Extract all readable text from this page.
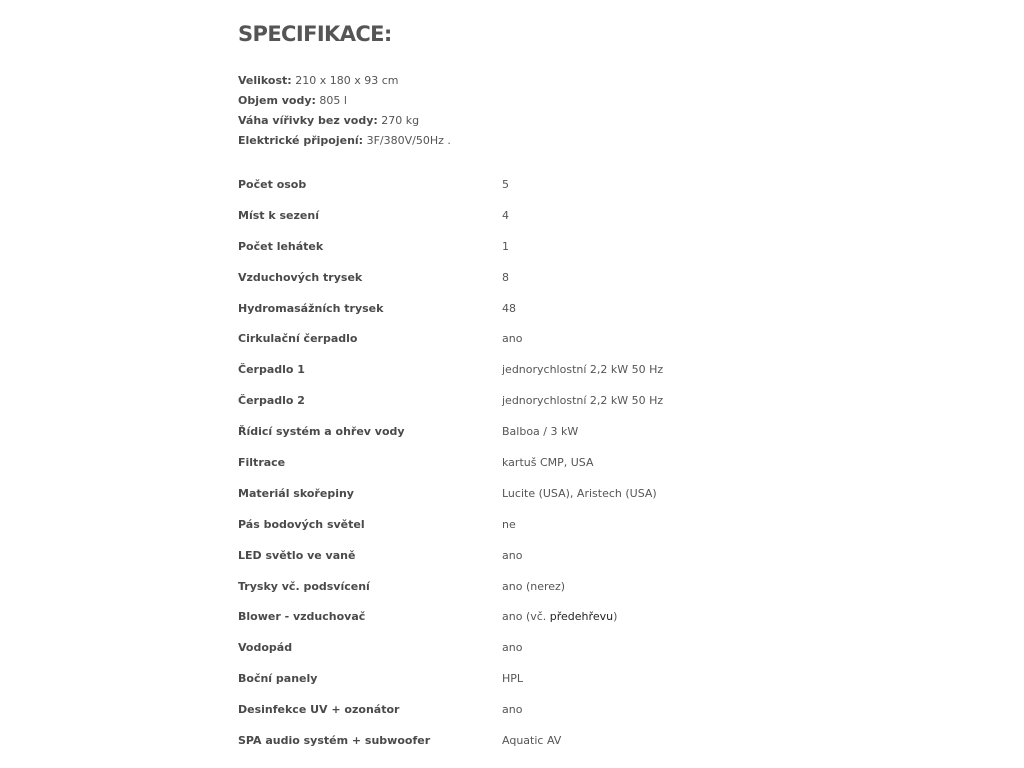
SPECIFIKACE:
Velikost: 210 x 180 x 93 cm
Objem vody: 805 l
Váha vířivky bez vody: 270 kg
Elektrické připojení: 3F/380V/50Hz .
Počet osob	5
Míst k sezení	4
Počet lehátek	1
Vzduchových trysek	8
Hydromasážních trysek	48
Cirkulační čerpadlo	ano
Čerpadlo 1	jednorychlostní 2,2 kW 50 Hz
Čerpadlo 2	jednorychlostní 2,2 kW 50 Hz
Řídicí systém a ohřev vody	Balboa / 3 kW
Filtrace	kartuš CMP, USA
Materiál skořepiny	Lucite (USA), Aristech (USA)
Pás bodových světel	ne
LED světlo ve vaně	ano
Trysky vč. podsvícení	ano (nerez)
Blower - vzduchovač	ano (vč. předehřevu)
Vodopád	ano
Boční panely	HPL
Desinfekce UV + ozonátor	ano
SPA audio systém + subwoofer	Aquatic AV
